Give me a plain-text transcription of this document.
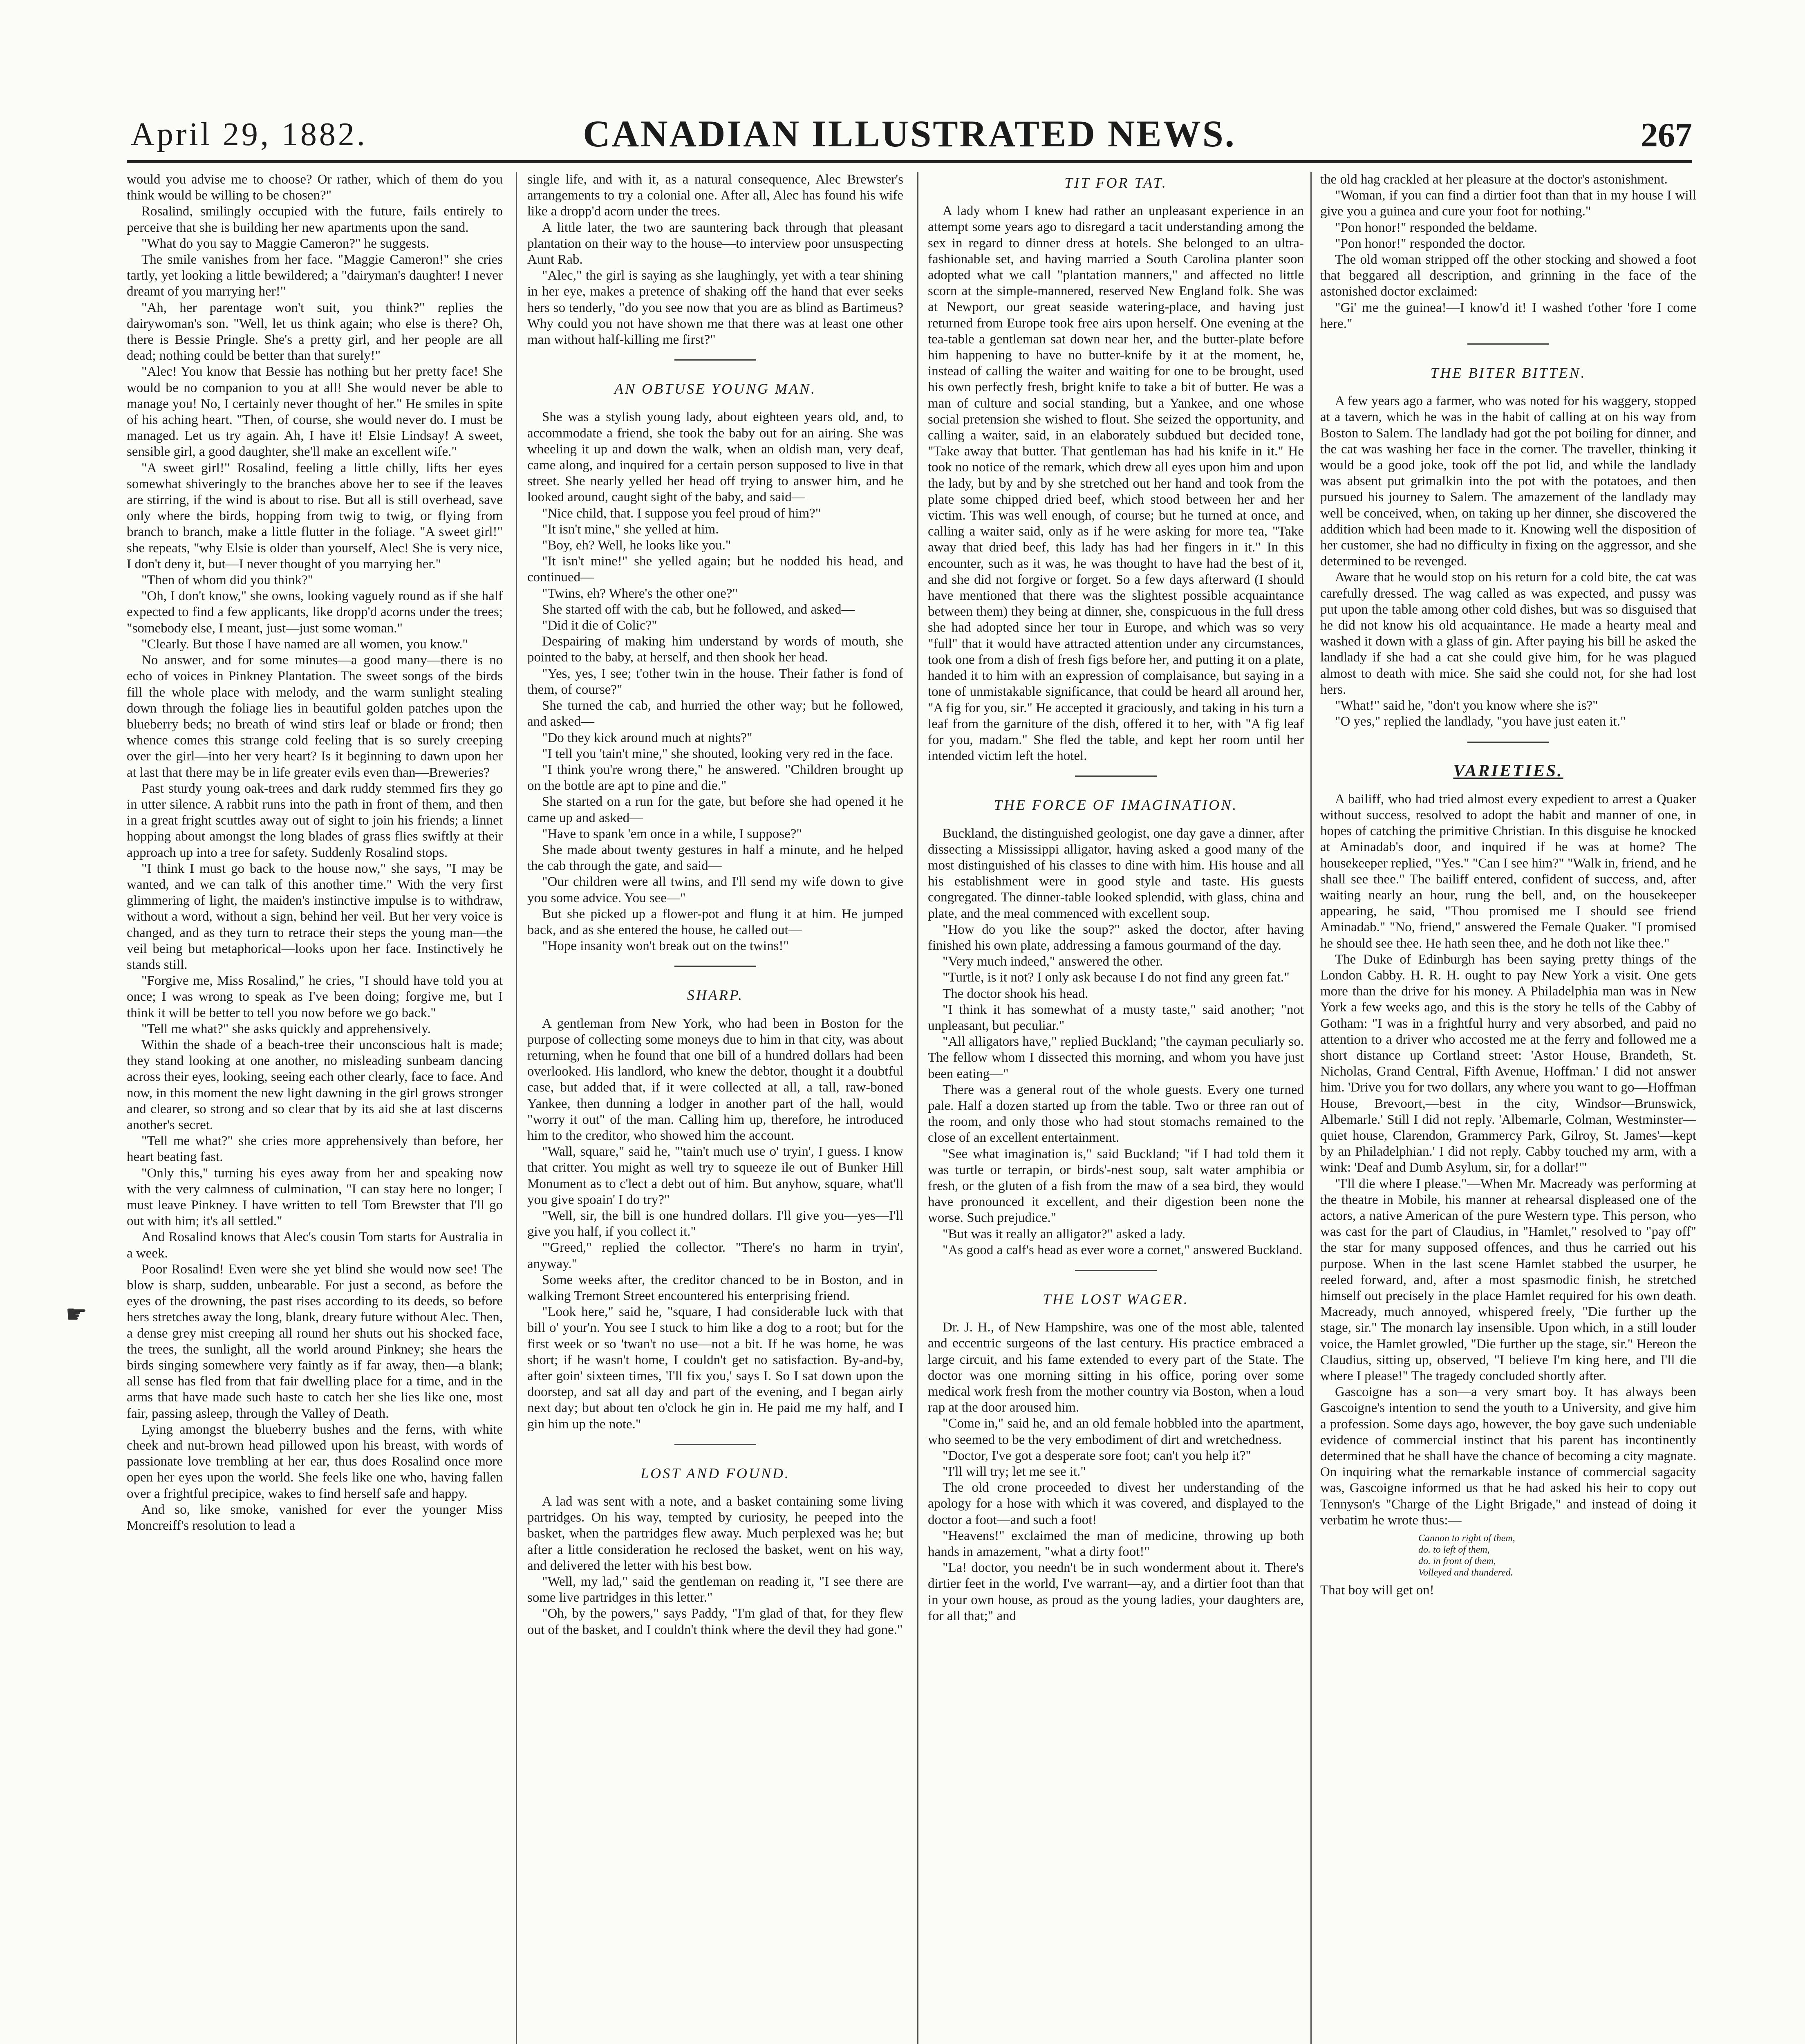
April 29, 1882.	CANADIAN ILLUSTRATED NEWS.	267
☛

would you advise me to choose? Or rather, which of them do you think would be willing to be chosen?"

Rosalind, smilingly occupied with the future, fails entirely to perceive that she is building her new apartments upon the sand.

"What do you say to Maggie Cameron?" he suggests.

The smile vanishes from her face. "Maggie Cameron!" she cries tartly, yet looking a little bewildered; a "dairyman's daughter! I never dreamt of you marrying her!"

"Ah, her parentage won't suit, you think?" replies the dairywoman's son. "Well, let us think again; who else is there? Oh, there is Bessie Pringle. She's a pretty girl, and her people are all dead; nothing could be better than that surely!"

"Alec! You know that Bessie has nothing but her pretty face! She would be no companion to you at all! She would never be able to manage you! No, I certainly never thought of her." He smiles in spite of his aching heart. "Then, of course, she would never do. I must be managed. Let us try again. Ah, I have it! Elsie Lindsay! A sweet, sensible girl, a good daughter, she'll make an excellent wife."

"A sweet girl!" Rosalind, feeling a little chilly, lifts her eyes somewhat shiveringly to the branches above her to see if the leaves are stirring, if the wind is about to rise. But all is still overhead, save only where the birds, hopping from twig to twig, or flying from branch to branch, make a little flutter in the foliage. "A sweet girl!" she repeats, "why Elsie is older than yourself, Alec! She is very nice, I don't deny it, but—I never thought of you marrying her."

"Then of whom did you think?"

"Oh, I don't know," she owns, looking vaguely round as if she half expected to find a few applicants, like dropp'd acorns under the trees; "somebody else, I meant, just—just some woman."

"Clearly. But those I have named are all women, you know."

No answer, and for some minutes—a good many—there is no echo of voices in Pinkney Plantation. The sweet songs of the birds fill the whole place with melody, and the warm sunlight stealing down through the foliage lies in beautiful golden patches upon the blueberry beds; no breath of wind stirs leaf or blade or frond; then whence comes this strange cold feeling that is so surely creeping over the girl—into her very heart? Is it beginning to dawn upon her at last that there may be in life greater evils even than—Breweries?

Past sturdy young oak-trees and dark ruddy stemmed firs they go in utter silence. A rabbit runs into the path in front of them, and then in a great fright scuttles away out of sight to join his friends; a linnet hopping about amongst the long blades of grass flies swiftly at their approach up into a tree for safety. Suddenly Rosalind stops.

"I think I must go back to the house now," she says, "I may be wanted, and we can talk of this another time." With the very first glimmering of light, the maiden's instinctive impulse is to withdraw, without a word, without a sign, behind her veil. But her very voice is changed, and as they turn to retrace their steps the young man—the veil being but metaphorical—looks upon her face. Instinctively he stands still.

"Forgive me, Miss Rosalind," he cries, "I should have told you at once; I was wrong to speak as I've been doing; forgive me, but I think it will be better to tell you now before we go back."

"Tell me what?" she asks quickly and apprehensively.

Within the shade of a beach-tree their unconscious halt is made; they stand looking at one another, no misleading sunbeam dancing across their eyes, looking, seeing each other clearly, face to face. And now, in this moment the new light dawning in the girl grows stronger and clearer, so strong and so clear that by its aid she at last discerns another's secret.

"Tell me what?" she cries more apprehensively than before, her heart beating fast.

"Only this," turning his eyes away from her and speaking now with the very calmness of culmination, "I can stay here no longer; I must leave Pinkney. I have written to tell Tom Brewster that I'll go out with him; it's all settled."

And Rosalind knows that Alec's cousin Tom starts for Australia in a week.

Poor Rosalind! Even were she yet blind she would now see! The blow is sharp, sudden, unbearable. For just a second, as before the eyes of the drowning, the past rises according to its deeds, so before hers stretches away the long, blank, dreary future without Alec. Then, a dense grey mist creeping all round her shuts out his shocked face, the trees, the sunlight, all the world around Pinkney; she hears the birds singing somewhere very faintly as if far away, then—a blank; all sense has fled from that fair dwelling place for a time, and in the arms that have made such haste to catch her she lies like one, most fair, passing asleep, through the Valley of Death.

Lying amongst the blueberry bushes and the ferns, with white cheek and nut-brown head pillowed upon his breast, with words of passionate love trembling at her ear, thus does Rosalind once more open her eyes upon the world. She feels like one who, having fallen over a frightful precipice, wakes to find herself safe and happy.

And so, like smoke, vanished for ever the younger Miss Moncreiff's resolution to lead a

single life, and with it, as a natural consequence, Alec Brewster's arrangements to try a colonial one. After all, Alec has found his wife like a dropp'd acorn under the trees.

A little later, the two are sauntering back through that pleasant plantation on their way to the house—to interview poor unsuspecting Aunt Rab.

"Alec," the girl is saying as she laughingly, yet with a tear shining in her eye, makes a pretence of shaking off the hand that ever seeks hers so tenderly, "do you see now that you are as blind as Bartimeus? Why could you not have shown me that there was at least one other man without half-killing me first?"

AN OBTUSE YOUNG MAN.

She was a stylish young lady, about eighteen years old, and, to accommodate a friend, she took the baby out for an airing. She was wheeling it up and down the walk, when an oldish man, very deaf, came along, and inquired for a certain person supposed to live in that street. She nearly yelled her head off trying to answer him, and he looked around, caught sight of the baby, and said—

"Nice child, that. I suppose you feel proud of him?"

"It isn't mine," she yelled at him.

"Boy, eh? Well, he looks like you."

"It isn't mine!" she yelled again; but he nodded his head, and continued—

"Twins, eh? Where's the other one?"

She started off with the cab, but he followed, and asked—

"Did it die of Colic?"

Despairing of making him understand by words of mouth, she pointed to the baby, at herself, and then shook her head.

"Yes, yes, I see; t'other twin in the house. Their father is fond of them, of course?"

She turned the cab, and hurried the other way; but he followed, and asked—

"Do they kick around much at nights?"

"I tell you 'tain't mine," she shouted, looking very red in the face.

"I think you're wrong there," he answered. "Children brought up on the bottle are apt to pine and die."

She started on a run for the gate, but before she had opened it he came up and asked—

"Have to spank 'em once in a while, I suppose?"

She made about twenty gestures in half a minute, and he helped the cab through the gate, and said—

"Our children were all twins, and I'll send my wife down to give you some advice. You see—"

But she picked up a flower-pot and flung it at him. He jumped back, and as she entered the house, he called out—

"Hope insanity won't break out on the twins!"

SHARP.

A gentleman from New York, who had been in Boston for the purpose of collecting some moneys due to him in that city, was about returning, when he found that one bill of a hundred dollars had been overlooked. His landlord, who knew the debtor, thought it a doubtful case, but added that, if it were collected at all, a tall, raw-boned Yankee, then dunning a lodger in another part of the hall, would "worry it out" of the man. Calling him up, therefore, he introduced him to the creditor, who showed him the account.

"Wall, square," said he, "'tain't much use o' tryin', I guess. I know that critter. You might as well try to squeeze ile out of Bunker Hill Monument as to c'lect a debt out of him. But anyhow, square, what'll you give spoain' I do try?"

"Well, sir, the bill is one hundred dollars. I'll give you—yes—I'll give you half, if you collect it."

"'Greed," replied the collector. "There's no harm in tryin', anyway."

Some weeks after, the creditor chanced to be in Boston, and in walking Tremont Street encountered his enterprising friend.

"Look here," said he, "square, I had considerable luck with that bill o' your'n. You see I stuck to him like a dog to a root; but for the first week or so 'twan't no use—not a bit. If he was home, he was short; if he wasn't home, I couldn't get no satisfaction. By-and-by, after goin' sixteen times, 'I'll fix you,' says I. So I sat down upon the doorstep, and sat all day and part of the evening, and I began airly next day; but about ten o'clock he gin in. He paid me my half, and I gin him up the note."

LOST AND FOUND.

A lad was sent with a note, and a basket containing some living partridges. On his way, tempted by curiosity, he peeped into the basket, when the partridges flew away. Much perplexed was he; but after a little consideration he reclosed the basket, went on his way, and delivered the letter with his best bow.

"Well, my lad," said the gentleman on reading it, "I see there are some live partridges in this letter."

"Oh, by the powers," says Paddy, "I'm glad of that, for they flew out of the basket, and I couldn't think where the devil they had gone."

TIT FOR TAT.

A lady whom I knew had rather an unpleasant experience in an attempt some years ago to disregard a tacit understanding among the sex in regard to dinner dress at hotels. She belonged to an ultra-fashionable set, and having married a South Carolina planter soon adopted what we call "plantation manners," and affected no little scorn at the simple-mannered, reserved New England folk. She was at Newport, our great seaside watering-place, and having just returned from Europe took free airs upon herself. One evening at the tea-table a gentleman sat down near her, and the butter-plate before him happening to have no butter-knife by it at the moment, he, instead of calling the waiter and waiting for one to be brought, used his own perfectly fresh, bright knife to take a bit of butter. He was a man of culture and social standing, but a Yankee, and one whose social pretension she wished to flout. She seized the opportunity, and calling a waiter, said, in an elaborately subdued but decided tone, "Take away that butter. That gentleman has had his knife in it." He took no notice of the remark, which drew all eyes upon him and upon the lady, but by and by she stretched out her hand and took from the plate some chipped dried beef, which stood between her and her victim. This was well enough, of course; but he turned at once, and calling a waiter said, only as if he were asking for more tea, "Take away that dried beef, this lady has had her fingers in it." In this encounter, such as it was, he was thought to have had the best of it, and she did not forgive or forget. So a few days afterward (I should have mentioned that there was the slightest possible acquaintance between them) they being at dinner, she, conspicuous in the full dress she had adopted since her tour in Europe, and which was so very "full" that it would have attracted attention under any circumstances, took one from a dish of fresh figs before her, and putting it on a plate, handed it to him with an expression of complaisance, but saying in a tone of unmistakable significance, that could be heard all around her, "A fig for you, sir." He accepted it graciously, and taking in his turn a leaf from the garniture of the dish, offered it to her, with "A fig leaf for you, madam." She fled the table, and kept her room until her intended victim left the hotel.

THE FORCE OF IMAGINATION.

Buckland, the distinguished geologist, one day gave a dinner, after dissecting a Mississippi alligator, having asked a good many of the most distinguished of his classes to dine with him. His house and all his establishment were in good style and taste. His guests congregated. The dinner-table looked splendid, with glass, china and plate, and the meal commenced with excellent soup.

"How do you like the soup?" asked the doctor, after having finished his own plate, addressing a famous gourmand of the day.

"Very much indeed," answered the other.

"Turtle, is it not? I only ask because I do not find any green fat."

The doctor shook his head.

"I think it has somewhat of a musty taste," said another; "not unpleasant, but peculiar."

"All alligators have," replied Buckland; "the cayman peculiarly so. The fellow whom I dissected this morning, and whom you have just been eating—"

There was a general rout of the whole guests. Every one turned pale. Half a dozen started up from the table. Two or three ran out of the room, and only those who had stout stomachs remained to the close of an excellent entertainment.

"See what imagination is," said Buckland; "if I had told them it was turtle or terrapin, or birds'-nest soup, salt water amphibia or fresh, or the gluten of a fish from the maw of a sea bird, they would have pronounced it excellent, and their digestion been none the worse. Such prejudice."

"But was it really an alligator?" asked a lady.

"As good a calf's head as ever wore a cornet," answered Buckland.

THE LOST WAGER.

Dr. J. H., of New Hampshire, was one of the most able, talented and eccentric surgeons of the last century. His practice embraced a large circuit, and his fame extended to every part of the State. The doctor was one morning sitting in his office, poring over some medical work fresh from the mother country via Boston, when a loud rap at the door aroused him.

"Come in," said he, and an old female hobbled into the apartment, who seemed to be the very embodiment of dirt and wretchedness.

"Doctor, I've got a desperate sore foot; can't you help it?"

"I'll will try; let me see it."

The old crone proceeded to divest her understanding of the apology for a hose with which it was covered, and displayed to the doctor a foot—and such a foot!

"Heavens!" exclaimed the man of medicine, throwing up both hands in amazement, "what a dirty foot!"

"La! doctor, you needn't be in such wonderment about it. There's dirtier feet in the world, I've warrant—ay, and a dirtier foot than that in your own house, as proud as the young ladies, your daughters are, for all that;" and

the old hag crackled at her pleasure at the doctor's astonishment.

"Woman, if you can find a dirtier foot than that in my house I will give you a guinea and cure your foot for nothing."

"Pon honor!" responded the beldame.

"Pon honor!" responded the doctor.

The old woman stripped off the other stocking and showed a foot that beggared all description, and grinning in the face of the astonished doctor exclaimed:

"Gi' me the guinea!—I know'd it! I washed t'other 'fore I come here."

THE BITER BITTEN.

A few years ago a farmer, who was noted for his waggery, stopped at a tavern, which he was in the habit of calling at on his way from Boston to Salem. The landlady had got the pot boiling for dinner, and the cat was washing her face in the corner. The traveller, thinking it would be a good joke, took off the pot lid, and while the landlady was absent put grimalkin into the pot with the potatoes, and then pursued his journey to Salem. The amazement of the landlady may well be conceived, when, on taking up her dinner, she discovered the addition which had been made to it. Knowing well the disposition of her customer, she had no difficulty in fixing on the aggressor, and she determined to be revenged.

Aware that he would stop on his return for a cold bite, the cat was carefully dressed. The wag called as was expected, and pussy was put upon the table among other cold dishes, but was so disguised that he did not know his old acquaintance. He made a hearty meal and washed it down with a glass of gin. After paying his bill he asked the landlady if she had a cat she could give him, for he was plagued almost to death with mice. She said she could not, for she had lost hers.

"What!" said he, "don't you know where she is?"

"O yes," replied the landlady, "you have just eaten it."

VARIETIES.

A bailiff, who had tried almost every expedient to arrest a Quaker without success, resolved to adopt the habit and manner of one, in hopes of catching the primitive Christian. In this disguise he knocked at Aminadab's door, and inquired if he was at home? The housekeeper replied, "Yes." "Can I see him?" "Walk in, friend, and he shall see thee." The bailiff entered, confident of success, and, after waiting nearly an hour, rung the bell, and, on the housekeeper appearing, he said, "Thou promised me I should see friend Aminadab." "No, friend," answered the Female Quaker. "I promised he should see thee. He hath seen thee, and he doth not like thee."

The Duke of Edinburgh has been saying pretty things of the London Cabby. H. R. H. ought to pay New York a visit. One gets more than the drive for his money. A Philadelphia man was in New York a few weeks ago, and this is the story he tells of the Cabby of Gotham: "I was in a frightful hurry and very absorbed, and paid no attention to a driver who accosted me at the ferry and followed me a short distance up Cortland street: 'Astor House, Brandeth, St. Nicholas, Grand Central, Fifth Avenue, Hoffman.' I did not answer him. 'Drive you for two dollars, any where you want to go—Hoffman House, Brevoort,—best in the city, Windsor—Brunswick, Albemarle.' Still I did not reply. 'Albemarle, Colman, Westminster—quiet house, Clarendon, Grammercy Park, Gilroy, St. James'—kept by an Philadelphian.' I did not reply. Cabby touched my arm, with a wink: 'Deaf and Dumb Asylum, sir, for a dollar!'"

"I'll die where I please."—When Mr. Macready was performing at the theatre in Mobile, his manner at rehearsal displeased one of the actors, a native American of the pure Western type. This person, who was cast for the part of Claudius, in "Hamlet," resolved to "pay off" the star for many supposed offences, and thus he carried out his purpose. When in the last scene Hamlet stabbed the usurper, he reeled forward, and, after a most spasmodic finish, he stretched himself out precisely in the place Hamlet required for his own death. Macready, much annoyed, whispered freely, "Die further up the stage, sir." The monarch lay insensible. Upon which, in a still louder voice, the Hamlet growled, "Die further up the stage, sir." Hereon the Claudius, sitting up, observed, "I believe I'm king here, and I'll die where I please!" The tragedy concluded shortly after.

Gascoigne has a son—a very smart boy. It has always been Gascoigne's intention to send the youth to a University, and give him a profession. Some days ago, however, the boy gave such undeniable evidence of commercial instinct that his parent has incontinently determined that he shall have the chance of becoming a city magnate. On inquiring what the remarkable instance of commercial sagacity was, Gascoigne informed us that he had asked his heir to copy out Tennyson's "Charge of the Light Brigade," and instead of doing it verbatim he wrote thus:—

Cannon to right of them,
do. to left of them,
do. in front of them,
Volleyed and thundered.

That boy will get on!
